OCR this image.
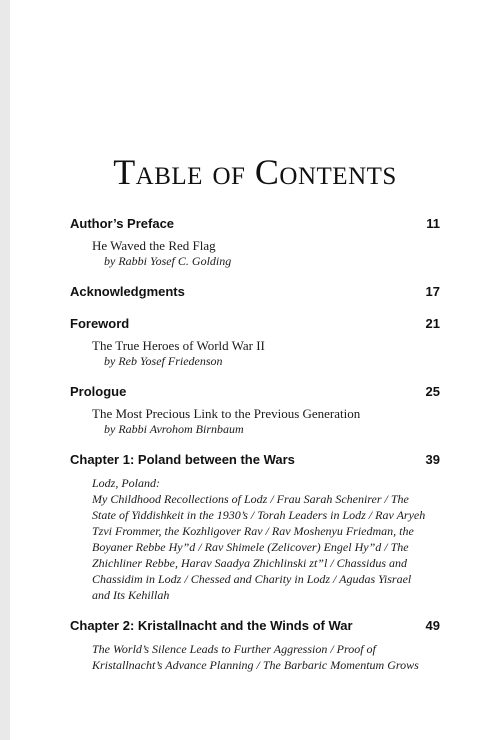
Table of Contents
Author’s Preface	11
He Waved the Red Flag
by Rabbi Yosef C. Golding
Acknowledgments	17
Foreword	21
The True Heroes of World War II
by Reb Yosef Friedenson
Prologue	25
The Most Precious Link to the Previous Generation
by Rabbi Avrohom Birnbaum
Chapter 1: Poland between the Wars	39

Lodz, Poland:

My Childhood Recollections of Lodz / Frau Sarah Schenirer / The State of Yiddishkeit in the 1930’s / Torah Leaders in Lodz / Rav Aryeh Tzvi Frommer, the Kozhligover Rav / Rav Moshenyu Friedman, the Boyaner Rebbe Hy”d / Rav Shimele (Zelicover) Engel Hy”d / The Zhichliner Rebbe, Harav Saadya Zhichlinski zt”l / Chassidus and Chassidim in Lodz / Chessed and Charity in Lodz / Agudas Yisrael and Its Kehillah

Chapter 2: Kristallnacht and the Winds of War	49

The World’s Silence Leads to Further Aggression / Proof of Kristallnacht’s Advance Planning / The Barbaric Momentum Grows
